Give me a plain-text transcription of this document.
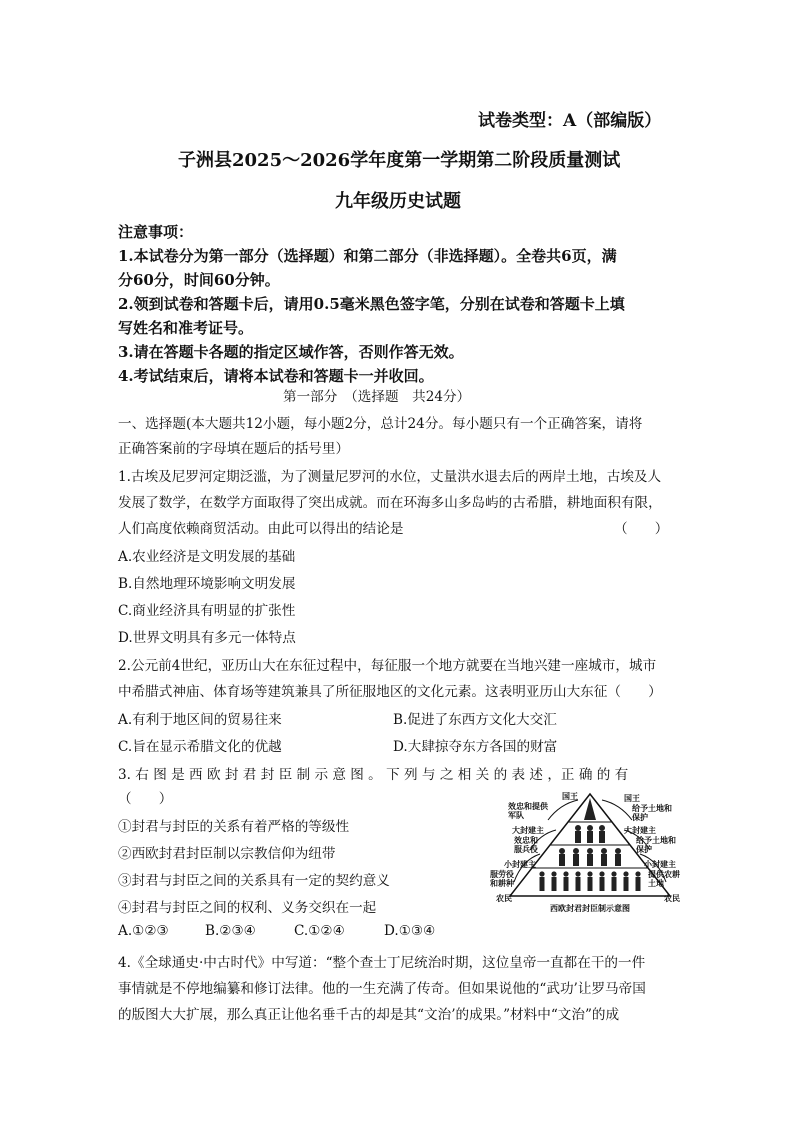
试卷类型：A（部编版）
子洲县2025～2026学年度第一学期第二阶段质量测试
九年级历史试题
注意事项：
1.本试卷分为第一部分（选择题）和第二部分（非选择题）。全卷共6页，满
分60分，时间60分钟。
2.领到试卷和答题卡后，请用0.5毫米黑色签字笔，分别在试卷和答题卡上填
写姓名和准考证号。
3.请在答题卡各题的指定区域作答，否则作答无效。
4.考试结束后，请将本试卷和答题卡一并收回。
第一部分　（选择题　共24分）
一、选择题(本大题共12小题，每小题2分，总计24分。每小题只有一个正确答案，请将
正确答案前的字母填在题后的括号里）
1.古埃及尼罗河定期泛滥，为了测量尼罗河的水位，丈量洪水退去后的两岸土地，古埃及人
发展了数学，在数学方面取得了突出成就。而在环海多山多岛屿的古希腊，耕地面积有限，
人们高度依赖商贸活动。由此可以得出的结论是	（　　）
A.农业经济是文明发展的基础
B.自然地理环境影响文明发展
C.商业经济具有明显的扩张性
D.世界文明具有多元一体特点
2.公元前4世纪，亚历山大在东征过程中，每征服一个地方就要在当地兴建一座城市，城市
中希腊式神庙、体育场等建筑兼具了所征服地区的文化元素。这表明亚历山大东征（　　）
A.有利于地区间的贸易往来	B.促进了东西方文化大交汇
C.旨在显示希腊文化的优越	D.大肆掠夺东方各国的财富
3. 右 图 是 西 欧 封 君 封 臣 制 示 意 图 。 下 列 与 之 相 关 的 表 述 ，正 确 的 有
（　　）
①封君与封臣的关系有着严格的等级性
②西欧封君封臣制以宗教信仰为纽带
③封君与封臣之间的关系具有一定的契约意义
④封君与封臣之间的权利、义务交织在一起
A.①②③	B.②③④	C.①②④	D.①③④
国王	国王
效忠和提供军队
给予土地和保护
大封建主	大封建主
效忠和服兵役
给予土地和保护
小封建主	小封建主
服劳役和耕种
提供农耕土地
农民	农民
西欧封君封臣制示意图
4.《全球通史·中古时代》中写道：“整个查士丁尼统治时期，这位皇帝一直都在干的一件
事情就是不停地编纂和修订法律。他的一生充满了传奇。但如果说他的“武功’让罗马帝国
的版图大大扩展，那么真正让他名垂千古的却是其“文治’的成果。”材料中“文治”的成
